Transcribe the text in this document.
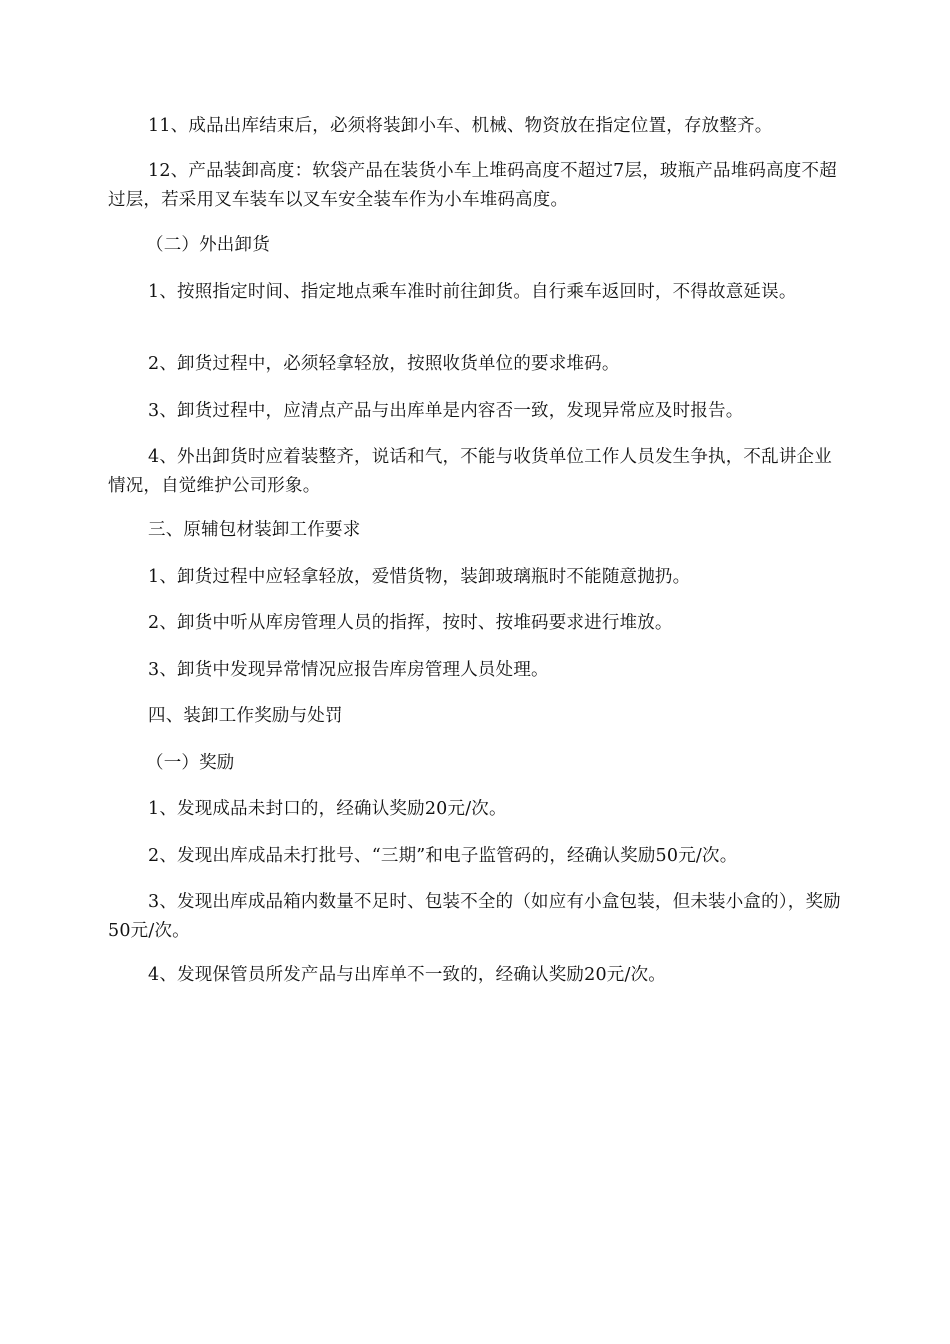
11、成品出库结束后，必须将装卸小车、机械、物资放在指定位置，存放整齐。

12、产品装卸高度：软袋产品在装货小车上堆码高度不超过7层，玻瓶产品堆码高度不超过层，若采用叉车装车以叉车安全装车作为小车堆码高度。

（二）外出卸货

1、按照指定时间、指定地点乘车准时前往卸货。自行乘车返回时，不得故意延误。

2、卸货过程中，必须轻拿轻放，按照收货单位的要求堆码。

3、卸货过程中，应清点产品与出库单是内容否一致，发现异常应及时报告。

4、外出卸货时应着装整齐，说话和气，不能与收货单位工作人员发生争执，不乱讲企业情况，自觉维护公司形象。

三、原辅包材装卸工作要求

1、卸货过程中应轻拿轻放，爱惜货物，装卸玻璃瓶时不能随意抛扔。

2、卸货中听从库房管理人员的指挥，按时、按堆码要求进行堆放。

3、卸货中发现异常情况应报告库房管理人员处理。

四、装卸工作奖励与处罚

（一）奖励

1、发现成品未封口的，经确认奖励20元/次。

2、发现出库成品未打批号、“三期”和电子监管码的，经确认奖励50元/次。

3、发现出库成品箱内数量不足时、包装不全的（如应有小盒包装，但未装小盒的），奖励50元/次。

4、发现保管员所发产品与出库单不一致的，经确认奖励20元/次。
